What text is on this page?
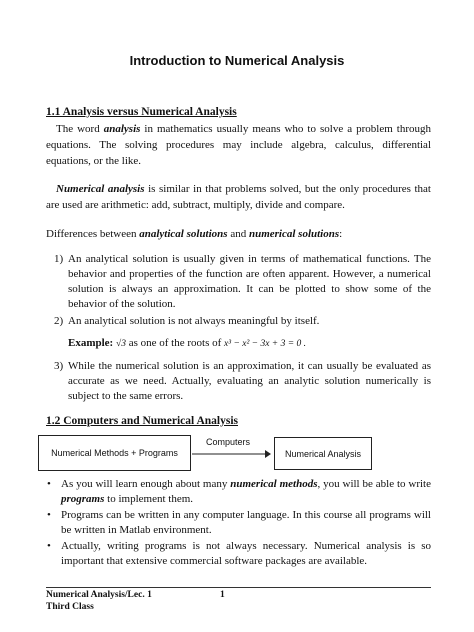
Introduction to Numerical Analysis
1.1 Analysis versus Numerical Analysis
The word analysis in mathematics usually means who to solve a problem through equations. The solving procedures may include algebra, calculus, differential equations, or the like.
Numerical analysis is similar in that problems solved, but the only procedures that are used are arithmetic: add, subtract, multiply, divide and compare.
Differences between analytical solutions and numerical solutions:
1) An analytical solution is usually given in terms of mathematical functions. The behavior and properties of the function are often apparent. However, a numerical solution is always an approximation. It can be plotted to show some of the behavior of the solution.
2) An analytical solution is not always meaningful by itself.
Example: √3 as one of the roots of x³ − x² − 3x + 3 = 0 .
3) While the numerical solution is an approximation, it can usually be evaluated as accurate as we need. Actually, evaluating an analytic solution numerically is subject to the same errors.
1.2 Computers and Numerical Analysis
Numerical Methods + Programs
Computers
Numerical Analysis
• As you will learn enough about many numerical methods, you will be able to write programs to implement them.
• Programs can be written in any computer language. In this course all programs will be written in Matlab environment.
• Actually, writing programs is not always necessary. Numerical analysis is so important that extensive commercial software packages are available.
Numerical Analysis/Lec. 1	1
Third Class
